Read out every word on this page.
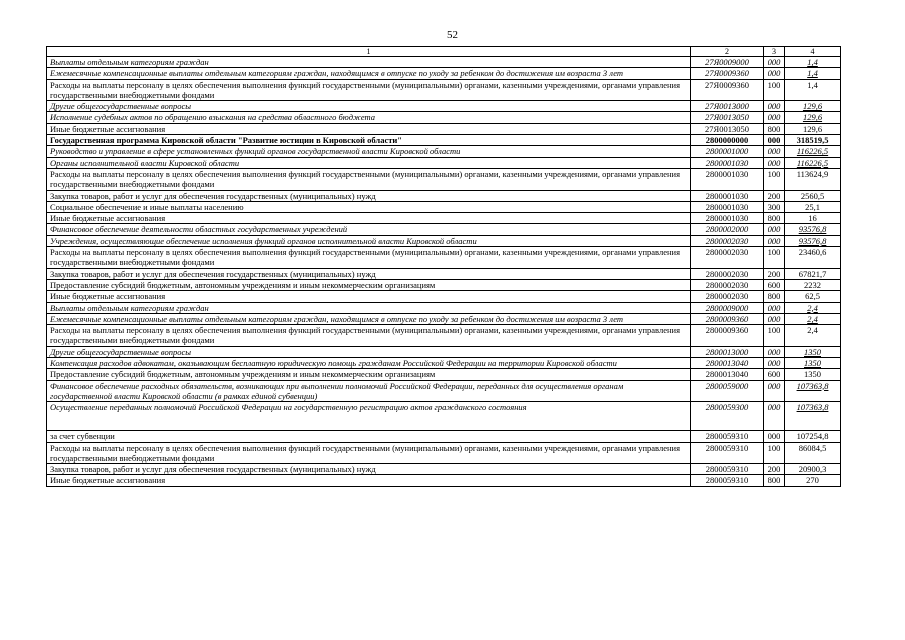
52
1	2	3	4
Выплаты отдельным категориям граждан	27Я0009000	000	1,4
Ежемесячные компенсационные выплаты отдельным категориям граждан, находящимся в отпуске по уходу за ребенком до достижения им возраста 3 лет	27Я0009360	000	1,4
Расходы на выплаты персоналу в целях обеспечения выполнения функций государственными (муниципальными) органами, казенными учреждениями, органами управления государственными внебюджетными фондами	27Я0009360	100	1,4
Другие общегосударственные вопросы	27Я0013000	000	129,6
Исполнение судебных актов по обращению взыскания на средства областного бюджета	27Я0013050	000	129,6
Иные бюджетные ассигнования	27Я0013050	800	129,6
Государственная программа Кировской области "Развитие юстиции в Кировской области"	2800000000	000	318519,5
Руководство и управление в сфере установленных функций органов государственной власти Кировской области	2800001000	000	116226,5
Органы исполнительной власти Кировской области	2800001030	000	116226,5
Расходы на выплаты персоналу в целях обеспечения выполнения функций государственными (муниципальными) органами, казенными учреждениями, органами управления государственными внебюджетными фондами	2800001030	100	113624,9
Закупка товаров, работ и услуг для обеспечения государственных (муниципальных) нужд	2800001030	200	2560,5
Социальное обеспечение и иные выплаты населению	2800001030	300	25,1
Иные бюджетные ассигнования	2800001030	800	16
Финансовое обеспечение деятельности областных государственных учреждений	2800002000	000	93576,8
Учреждения, осуществляющие обеспечение исполнения функций органов исполнительной власти Кировской области	2800002030	000	93576,8
Расходы на выплаты персоналу в целях обеспечения выполнения функций государственными (муниципальными) органами, казенными учреждениями, органами управления государственными внебюджетными фондами	2800002030	100	23460,6
Закупка товаров, работ и услуг для обеспечения государственных (муниципальных) нужд	2800002030	200	67821,7
Предоставление субсидий бюджетным, автономным учреждениям и иным некоммерческим организациям	2800002030	600	2232
Иные бюджетные ассигнования	2800002030	800	62,5
Выплаты отдельным категориям граждан	2800009000	000	2,4
Ежемесячные компенсационные выплаты отдельным категориям граждан, находящимся в отпуске по уходу за ребенком до достижения им возраста 3 лет	2800009360	000	2,4
Расходы на выплаты персоналу в целях обеспечения выполнения функций государственными (муниципальными) органами, казенными учреждениями, органами управления государственными внебюджетными фондами	2800009360	100	2,4
Другие общегосударственные вопросы	2800013000	000	1350
Компенсация расходов адвокатам, оказывающим бесплатную юридическую помощь гражданам Российской Федерации на территории Кировской области	2800013040	000	1350
Предоставление субсидий бюджетным, автономным учреждениям и иным некоммерческим организациям	2800013040	600	1350
Финансовое обеспечение расходных обязательств, возникающих при выполнении полномочий Российской Федерации, переданных для осуществления органам государственной власти Кировской области (в рамках единой субвенции)	2800059000	000	107363,8
Осуществление переданных полномочий Российской Федерации на государственную регистрацию актов гражданского состояния	2800059300	000	107363,8
за счет субвенции	2800059310	000	107254,8
Расходы на выплаты персоналу в целях обеспечения выполнения функций государственными (муниципальными) органами, казенными учреждениями, органами управления государственными внебюджетными фондами	2800059310	100	86084,5
Закупка товаров, работ и услуг для обеспечения государственных (муниципальных) нужд	2800059310	200	20900,3
Иные бюджетные ассигнования	2800059310	800	270
